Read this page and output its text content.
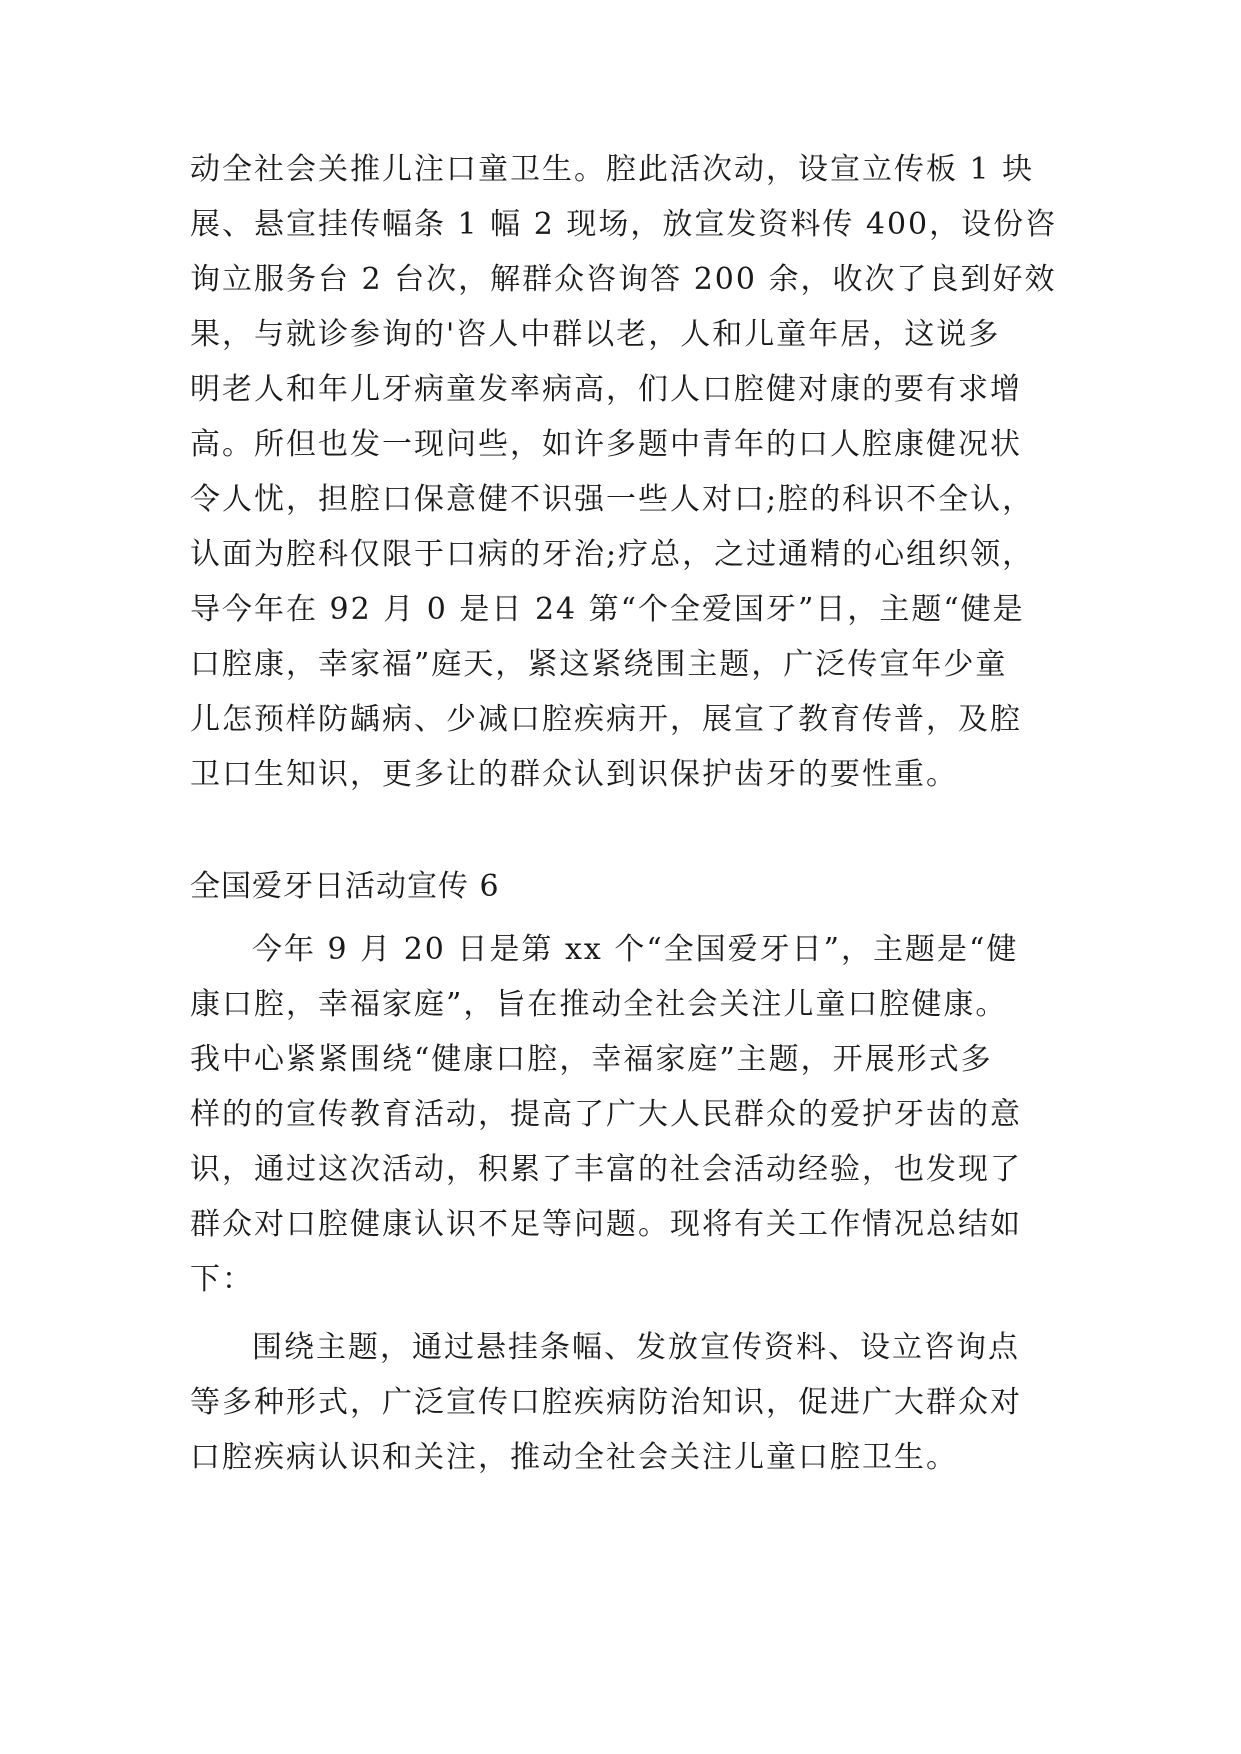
动全社会关推儿注口童卫生。腔此活次动，设宣立传板 1 块
展、悬宣挂传幅条 1 幅 2 现场，放宣发资料传 400，设份咨
询立服务台 2 台次，解群众咨询答 200 余，收次了良到好效
果，与就诊参询的'咨人中群以老，人和儿童年居，这说多
明老人和年儿牙病童发率病高，们人口腔健对康的要有求增
高。所但也发一现问些，如许多题中青年的口人腔康健况状
令人忧，担腔口保意健不识强一些人对口;腔的科识不全认，
认面为腔科仅限于口病的牙治;疗总，之过通精的心组织领，
导今年在 92 月 0 是日 24 第“个全爱国牙”日，主题“健是
口腔康，幸家福”庭天，紧这紧绕围主题，广泛传宣年少童
儿怎预样防龋病、少减口腔疾病开，展宣了教育传普，及腔
卫口生知识，更多让的群众认到识保护齿牙的要性重。
全国爱牙日活动宣传 6
今年 9 月 20 日是第 xx 个“全国爱牙日”，主题是“健
康口腔，幸福家庭”，旨在推动全社会关注儿童口腔健康。
我中心紧紧围绕“健康口腔，幸福家庭”主题，开展形式多
样的的宣传教育活动，提高了广大人民群众的爱护牙齿的意
识，通过这次活动，积累了丰富的社会活动经验，也发现了
群众对口腔健康认识不足等问题。现将有关工作情况总结如
下：
围绕主题，通过悬挂条幅、发放宣传资料、设立咨询点
等多种形式，广泛宣传口腔疾病防治知识，促进广大群众对
口腔疾病认识和关注，推动全社会关注儿童口腔卫生。
